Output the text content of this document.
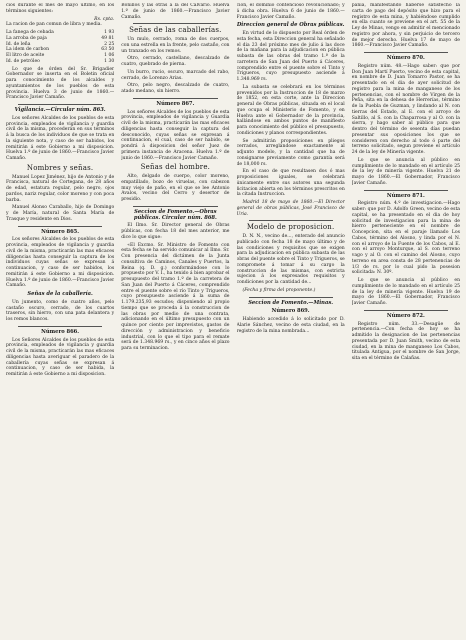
cios durante el mes de mayo último, en los términos siguientes:

Rs. cpta.

La racion de pan comun de libra y media.

La fanega de cebada	1 93
La arroba de paja	49 81
Id. de leña	2 25
La idem de carbon	63 50
El litro de aceite	1 06
Id. de petróleo	1 30

Lo que de órden del Sr. Brigadier Gobernador se inserta en el Boletin oficial para conocimiento de los alcaldes y ayuntamientos de los pueblos de esta provincia. Huelva 3 de junio de 1860.—Francisco Javier Camaño.

Vigilancia.—Circular núm. 863.

Los señores Alcaldes de los pueblos de esta provincia, empleados de vigilancia y guardia civil de la misma, procederán en sus términos á la busca de los individuos de que se trata en la siguiente nota, y caso de ser habidos, los remitirán á este Gobierno a mi disposicion. Huelva 1.º de junio de 1860.—Francisco Javier Camaño.

Nombres y señas.

Manuel Lopez Jiménez, hijo de Antonio y de Francisca, natural de Cortegana, de 28 años de edad, estatura regular, pelo negro, ojos pardos, nariz regular, color moreno y con poca barba.

Manuel Alonso Caraballo, hijo de Domingo y de María, natural de Santa María de Trasque y residente en Dios.

Número 865.

Los señores Alcaldes de los pueblos de esta provincia, empleados de vigilancia y guardia civil de la misma, practicarán las mas eficaces diligencias hasta conseguir la captura de los individuos cuyas señas se expresan á continuacion, y caso de ser habidos, los remitirán á este Gobierno a mi disposicion. Huelva 1.º de junio de 1860.—Francisco Javier Camaño.

Señas de la caballería.

Un jumento, como de cuatro años, pelo castaño oscuro, cerrado, de los cuartos traseros, sin hierro, con una pata delantera y los remos blancos.

Número 866.

Los Señores Alcaldes de los pueblos de esta provincia, empleados de vigilancia y guardia civil de la misma, practicarán las mas eficaces diligencias hasta averiguar el paradero de la caballería cuyas señas se expresan á continuacion, y caso de ser habida, la remitirán á este Gobierno a mi disposicion.

Bonillos y las otras á la del Calvario. Huelva 1.º de junio de 1860.—Francisco Javier Camaño.

Señas de las caballerías.

Un mulo, cerrado, roma de dos cuerpos, con una estrella en la frente, pelo castaño, con un tranzado en los remos.

Otro, cerrado, castellano, descalzado de cuatro, quebrado de pierna.

Un burro, rucio, oscuro, marcado del rabo, cerrado, de Lorenzo Arias.

Otro, pelo negro, descalzado de cuatro, atado medano, sin hierro.

Número 867.

Los señores Alcaldes de los pueblos de esta provincia, empleados de vigilancia y Guardia civil de la misma, practicarán las mas eficaces diligencias hasta conseguir la captura del desconocido, cuyas señas se expresan á continuacion, el cual, caso de ser habido, se pondrá á disposicion del señor Juez de primera instancia de Aracena. Huelva 1.º de junio de 1860.—Francisco Javier Camaño.

Señas del hombre.

Alto, delgado de cuerpo, color moreno, empatillado, bozo de viruelas, con cabezon muy viejo de paño, en el que se lee Antonio Avalos, vecino del Cerro y desertor de presidio.

Seccion de Fomento.—Obras públicas. Circular núm. 868.

El Ilmo. Sr. Director general de Obras públicas, con fecha 18 del mes anterior, me dice lo que sigue:

«El Excmo. Sr. Ministro de Fomento con esta fecha se ha servido comunicar al Ilmo. Sr. Con presencia del dictámen de la Junta consultiva de Caminos, Canales y Puertos, la Reina (q. D. g.) conformándose con lo propuesto por V. I., ha tenido á bien aprobar el presupuesto del tramo 1.º de la carretera de San Juan del Puerto á Cáceres, comprendido entre el puente sobre el río Tinto y Trigueros, cuyo presupuesto asciende á la suma de 1.179.235,93 escudos; disponiendo al propio tiempo que se proceda á la construccion de las obras por medio de una contrata, adicionando en el último presupuesto con un quince por ciento por imprevistos, gastos de dirección y administracion y beneficio industrial, con lo que el tipo para el remate será de 1.348.969 rs., y en cinco años el plazo para su terminacion.

cion, el dominio contencioso revolucionado; y á dicha obra. Huelva 6 de junio de 1860.—Francisco Javier Camaño.

Direccion general de Obras públicas.

En virtud de lo dispuesto por Real órden de esta fecha, esta Direccion general ha señalado el dia 23 del próximo mes de julio á las doce de la mañana para la adjudicacion en pública subasta de las obras del tramo 1.º de la carretera de San Juan del Puerto á Cáceres, comprendido entre el puente sobre el Tinto y Trigueros, cuyo presupuesto asciende á 1.348.969 rs.

La subasta se celebrará en los términos prevenidos por la Instruccion de 18 de marzo de 1852, en esta corte, ante la Direccion general de Obras públicas, situada en el local que ocupa el Ministerio de Fomento, y en Huelva ante el Gobernador de la provincia, hallándose en ambos puntos de manifiesto para conocimiento del público el presupuesto, condiciones y planos correspondientes.

Se admitirán proposiciones en pliegos cerrados, arreglándose exactamente al adjunto modelo, y la cantidad que ha de consignarse previamente como garantía será de 18,000 rs.

En el caso de que resultasen dos ó mas proposiciones iguales, se celebrará únicamente entre sus autores una segunda licitacion abierta en los términos prescritos en la citada Instruccion.

Madrid 18 de mayo de 1860.—El Director general de obras públicas, José Francisco de Uria.

Modelo de proposicion.

D. N. N., vecino de..., enterado del anuncio publicado con fecha 18 de mayo último y de las condiciones y requisitos que se exigen para la adjudicacion en pública subasta de las obras del puente sobre el Tinto y Trigueros, se compromete á tomar á su cargo la construccion de las mismas, con estricta sujecion á los expresados requisitos y condiciones por la cantidad de...

(Fecha y firma del proponente.)

Seccion de Fomento.—Minas.
Número 869.

Habiendo accedido á lo solicitado por D. Alarie Sánchez, vecino de esta ciudad, en la registro de la mina nombrada...

pañía, manifestando haberse satisfecho la carta de pago del depósito que hizo para el registro de esta mina, y habiéndose cumplido en ella cuanto se previene en el art. 55 de la Ley de Minas, vengo en admitir el mencionado registro por ahora, y sin perjuicio de tercero de mejor derecho. Huelva 17 de mayo de 1860.—Francisco Javier Camaño.

Número 870.

Registro núm. 48.—Hago saber: que por Don Juan Martí Puerto, vecino de esta capital, en nombre de D. Juan Tomarro Pastor, se ha presentado en el dia de ayer solicitud de registro para la mina de manganeso de los pertenencias, con el nombre de Virgen de la Peña, sita en la dehesa de Herrerías, término de la Puebla de Guzman, y lindando al N. con tierras del Estado, al E. con el arroyo de Saltillo, al S. con la Chaparrosa y al O. con la sierra, y hago saber al público para que dentro del término de sesenta días puedan presentar sus oposiciones los que se consideren con derecho al todo ó parte del terreno solicitado, segun previene el artículo 24 de la ley de Minería vigente.

Lo que se anuncia al público en cumplimiento de lo mandado en el artículo 25 de la ley de minería vigente. Huelva 21 de mayo de 1860.—El Gobernador, Francisco Javier Camaño.

Número 871.

Registro núm. 4.º de investigacion.—Hago saber: que por D. Adolfo Green, vecino de esta capital, se ha presentado en el dia de hoy solicitud de investigacion para la mina de hierro perteneciente en el nombre de Concepcion, sita en el paraje llamado Los Cabos, término del Alosno, y linda por el N. con el arroyo de la Fuente de los Cabos, al E. con el arroyo Monturque, al S. con terreno vago y al O. con el camino del Alosno, cuyo terreno en area consta de 28 pertenencias de 1/3 de rs. por lo cual pido la posesion solicitada: N. 30º.

Lo que se anuncia al público en cumplimiento de lo mandado en el artículo 25 de la ley de minería vigente. Huelva 19 de mayo de 1860.—El Gobernador, Francisco Javier Camaño.

Número 872.

Registro núm. 33.—Desagüe de pertenencia.—Con fecha de hoy se ha admitido la designacion de las pertenencias presentada por D. Juan Smith, vecino de esta ciudad, en la mina de manganeso Los Cabos, titulada Antigua, por el nombre de San Jorge, sita en el término de Calañas.
